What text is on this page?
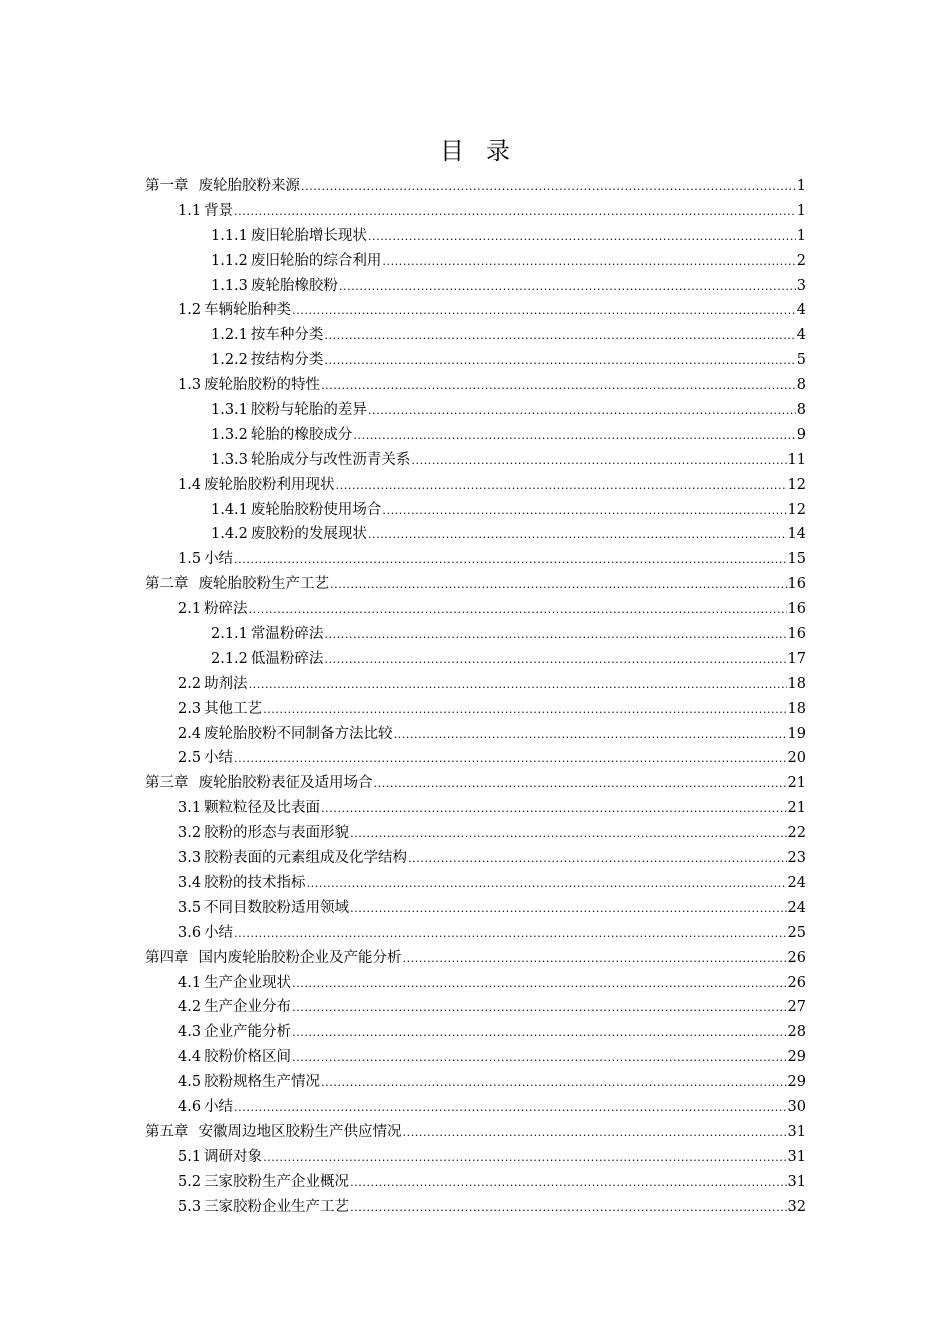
目录
第一章 废轮胎胶粉来源 .....	1
1.1 背景 .....	1
1.1.1 废旧轮胎增长现状 .....	1
1.1.2 废旧轮胎的综合利用 .....	2
1.1.3 废轮胎橡胶粉 .....	3
1.2 车辆轮胎种类 .....	4
1.2.1 按车种分类 .....	4
1.2.2 按结构分类 .....	5
1.3 废轮胎胶粉的特性 .....	8
1.3.1 胶粉与轮胎的差异 .....	8
1.3.2 轮胎的橡胶成分 .....	9
1.3.3 轮胎成分与改性沥青关系 .....	11
1.4 废轮胎胶粉利用现状 .....	12
1.4.1 废轮胎胶粉使用场合 .....	12
1.4.2 废胶粉的发展现状 .....	14
1.5 小结 .....	15
第二章 废轮胎胶粉生产工艺 .....	16
2.1 粉碎法 .....	16
2.1.1 常温粉碎法 .....	16
2.1.2 低温粉碎法 .....	17
2.2 助剂法 .....	18
2.3 其他工艺 .....	18
2.4 废轮胎胶粉不同制备方法比较 .....	19
2.5 小结 .....	20
第三章 废轮胎胶粉表征及适用场合 .....	21
3.1 颗粒粒径及比表面 .....	21
3.2 胶粉的形态与表面形貌 .....	22
3.3 胶粉表面的元素组成及化学结构 .....	23
3.4 胶粉的技术指标 .....	24
3.5 不同目数胶粉适用领域 .....	24
3.6 小结 .....	25
第四章 国内废轮胎胶粉企业及产能分析 .....	26
4.1 生产企业现状 .....	26
4.2 生产企业分布 .....	27
4.3 企业产能分析 .....	28
4.4 胶粉价格区间 .....	29
4.5 胶粉规格生产情况 .....	29
4.6 小结 .....	30
第五章 安徽周边地区胶粉生产供应情况 .....	31
5.1 调研对象 .....	31
5.2 三家胶粉生产企业概况 .....	31
5.3 三家胶粉企业生产工艺 .....	32
